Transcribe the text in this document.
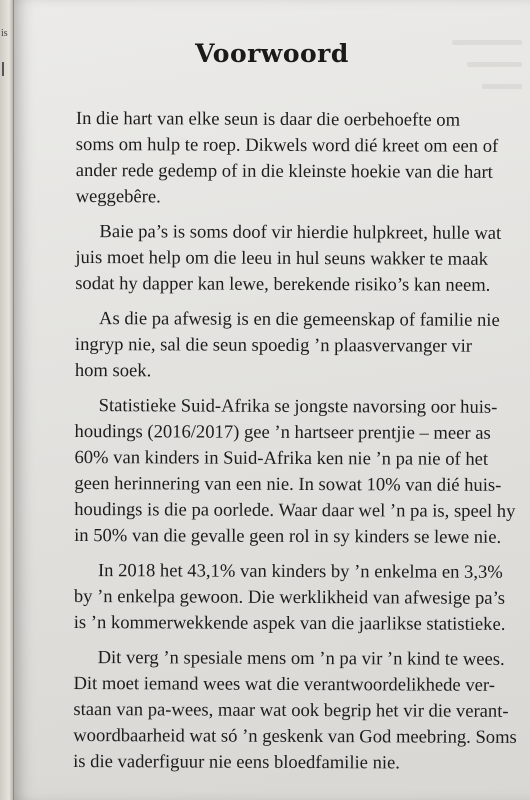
is
Voorwoord
In die hart van elke seun is daar die oerbehoefte om
soms om hulp te roep. Dikwels word dié kreet om een of
ander rede gedemp of in die kleinste hoekie van die hart
weggebêre.
Baie pa’s is soms doof vir hierdie hulpkreet, hulle wat
juis moet help om die leeu in hul seuns wakker te maak
sodat hy dapper kan lewe, berekende risiko’s kan neem.
As die pa afwesig is en die gemeenskap of familie nie
ingryp nie, sal die seun spoedig ’n plaasvervanger vir
hom soek.
Statistieke Suid-Afrika se jongste navorsing oor huis-
houdings (2016/2017) gee ’n hartseer prentjie – meer as
60% van kinders in Suid-Afrika ken nie ’n pa nie of het
geen herinnering van een nie. In sowat 10% van dié huis-
houdings is die pa oorlede. Waar daar wel ’n pa is, speel hy
in 50% van die gevalle geen rol in sy kinders se lewe nie.
In 2018 het 43,1% van kinders by ’n enkelma en 3,3%
by ’n enkelpa gewoon. Die werklikheid van afwesige pa’s
is ’n kommerwekkende aspek van die jaarlikse statistieke.
Dit verg ’n spesiale mens om ’n pa vir ’n kind te wees.
Dit moet iemand wees wat die verantwoordelikhede ver-
staan van pa-wees, maar wat ook begrip het vir die verant-
woordbaarheid wat só ’n geskenk van God meebring. Soms
is die vaderfiguur nie eens bloedfamilie nie.
